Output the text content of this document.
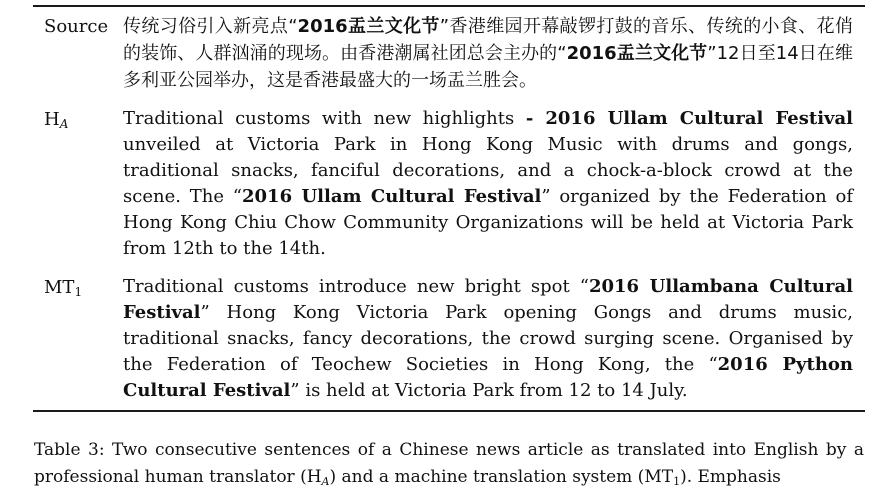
Source 传统习俗引入新亮点“2016盂兰文化节”香港维园开幕敲锣打鼓的音乐、传统的小食、花俏的装饰、人群汹涌的现场。由香港潮属社团总会主办的“2016盂兰文化节”12日至14日在维多利亚公园举办，这是香港最盛大的一场盂兰胜会。
$H_A$	Traditional customs with new highlights - 2016 Ullam Cultural Festival unveiled at Victoria Park in Hong Kong Music with drums and gongs, traditional snacks, fanciful decorations, and a chock-a-block crowd at the scene. The “2016 Ullam Cultural Festival” organized by the Federation of Hong Kong Chiu Chow Community Organizations will be held at Victoria Park from 12th to the 14th.
$MT_1$	Traditional customs introduce new bright spot “2016 Ullambana Cultural Festival” Hong Kong Victoria Park opening Gongs and drums music, traditional snacks, fancy decorations, the crowd surging scene. Organised by the Federation of Teochew Societies in Hong Kong, the “2016 Python Cultural Festival” is held at Victoria Park from 12 to 14 July.
Table 3: Two consecutive sentences of a Chinese news article as translated into English by a professional human translator $(H_A)$ and a machine translation system $(MT_1)$. Emphasis
